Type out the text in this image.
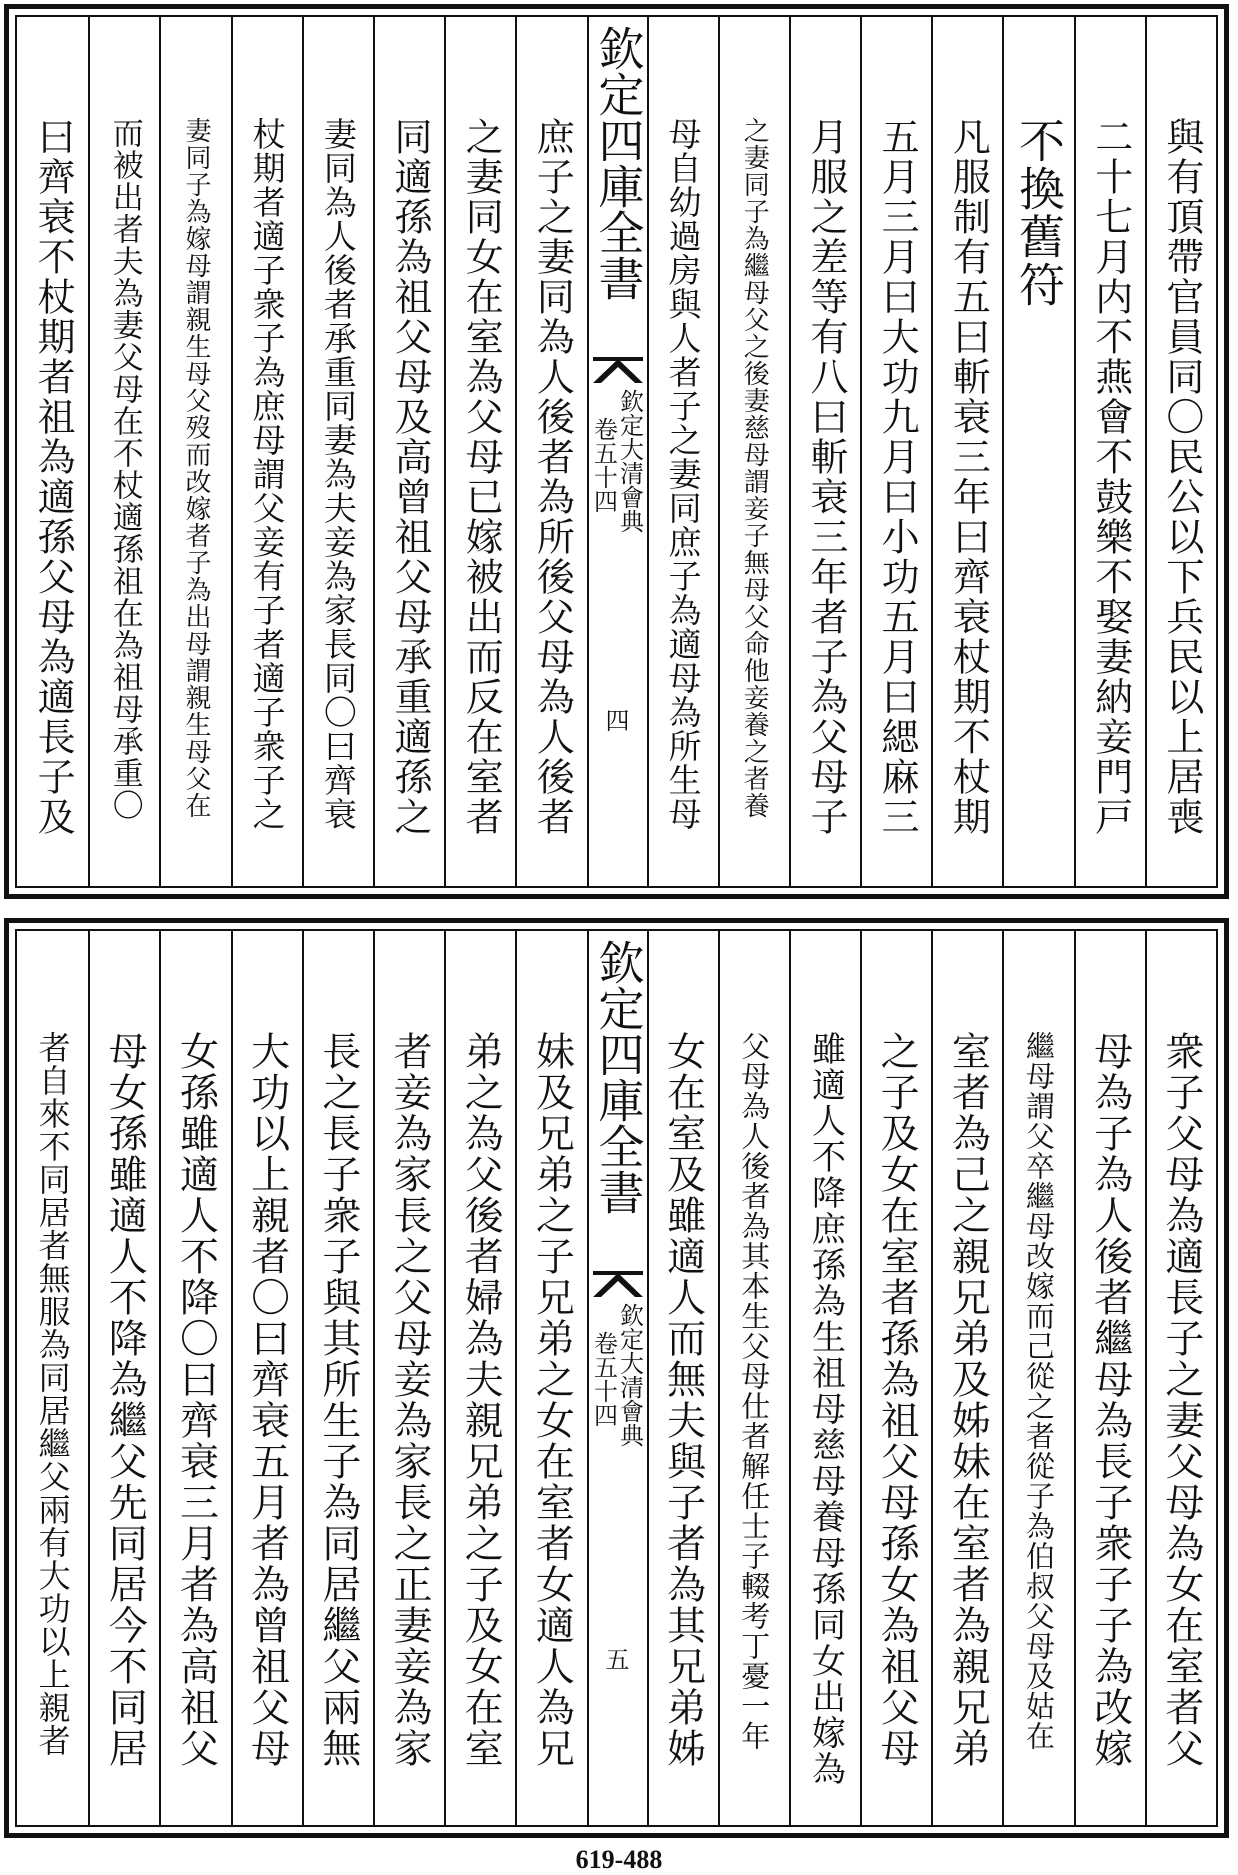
曰齊衰不杖期者祖為適孫父母為適長子及	而被出者夫為妻父母在不杖適孫祖在為祖母承重〇	妻同子為嫁母謂親生母父歿而改嫁者子為出母謂親生母父在	杖期者適子衆子為庶母謂父妾有子者適子衆子之 妻同為人後者承重同妻為夫妾為家長同〇曰齊衰 同適孫為祖父母及高曾祖父母承重適孫之 之妻同女在室為父母已嫁被出而反在室者 庶子之妻同為人後者為所後父母為人後者 欽定四庫全書
欽定大清會典
卷五十四
四	母自幼過房與人者子之妻同庶子為適母為所生母	之妻同子為繼母父之後妻慈母謂妾子無母父命他妾養之者養 月服之差等有八曰斬衰三年者子為父母子 五月三月曰大功九月曰小功五月曰緦麻三 凡服制有五曰斬衰三年曰齊衰杖期不杖期 不換舊符 二十七月内不燕會不鼓樂不娶妻納妾門戸 與有頂帶官員同〇民公以下兵民以上居喪
者自來不同居者無服為同居繼父兩有大功以上親者 母女孫雖適人不降為繼父先同居今不同居 女孫雖適人不降〇曰齊衰三月者為高祖父 大功以上親者〇曰齊衰五月者為曾祖父母 長之長子衆子與其所生子為同居繼父兩無 者妾為家長之父母妾為家長之正妻妾為家 弟之為父後者婦為夫親兄弟之子及女在室 妹及兄弟之子兄弟之女在室者女適人為兄 欽定四庫全書
欽定大清會典
卷五十四
五 女在室及雖適人而無夫與子者為其兄弟姊	父母為人後者為其本生父母仕者解任士子輟考丁憂一年	雖適人不降庶孫為生祖母慈母養母孫同女出嫁為 之子及女在室者孫為祖父母孫女為祖父母 室者為己之親兄弟及姊妹在室者為親兄弟	繼母謂父卒繼母改嫁而己從之者從子為伯叔父母及姑在 母為子為人後者繼母為長子衆子子為改嫁 衆子父母為適長子之妻父母為女在室者父
619-488
